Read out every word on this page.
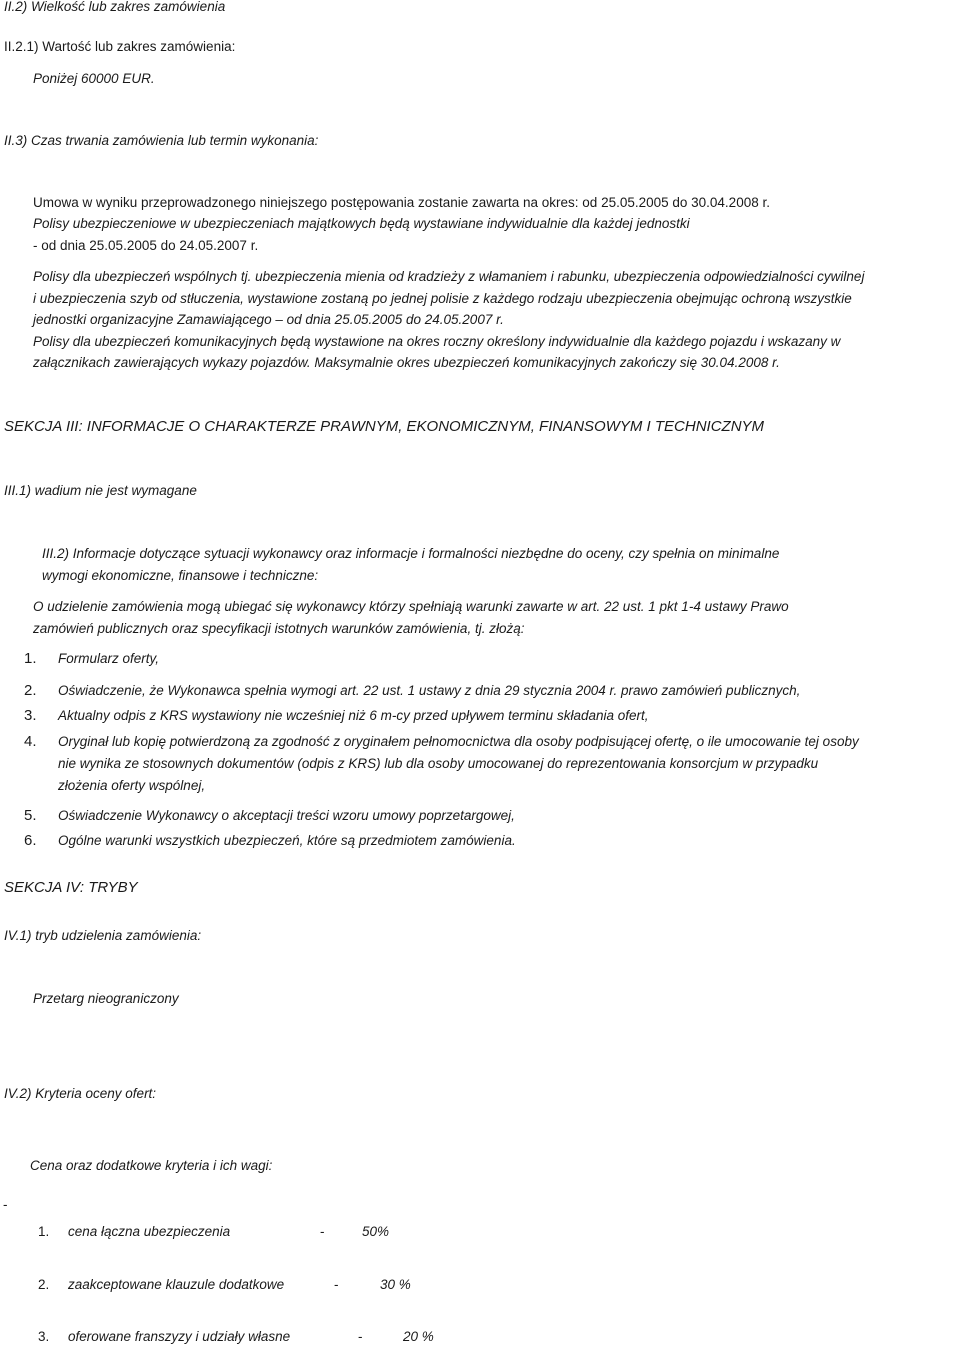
II.2) Wielkość lub zakres zamówienia
II.2.1) Wartość lub zakres zamówienia:
Poniżej 60000 EUR.
II.3) Czas trwania zamówienia lub termin wykonania:
Umowa w wyniku przeprowadzonego niniejszego postępowania zostanie zawarta na okres: od 25.05.2005 do 30.04.2008 r.
Polisy ubezpieczeniowe w ubezpieczeniach majątkowych będą wystawiane indywidualnie dla każdej jednostki
- od dnia 25.05.2005 do 24.05.2007 r.
Polisy dla ubezpieczeń wspólnych tj. ubezpieczenia mienia od kradzieży z włamaniem i rabunku, ubezpieczenia odpowiedzialności cywilnej
i ubezpieczenia szyb od stłuczenia, wystawione zostaną po jednej polisie z każdego rodzaju ubezpieczenia obejmując ochroną wszystkie
jednostki organizacyjne Zamawiającego – od dnia 25.05.2005 do 24.05.2007 r.
Polisy dla ubezpieczeń komunikacyjnych będą wystawione na okres roczny określony indywidualnie dla każdego pojazdu i wskazany w
załącznikach zawierających wykazy pojazdów. Maksymalnie okres ubezpieczeń komunikacyjnych zakończy się 30.04.2008 r.
SEKCJA III: INFORMACJE O CHARAKTERZE PRAWNYM, EKONOMICZNYM, FINANSOWYM I TECHNICZNYM
III.1) wadium nie jest wymagane
III.2) Informacje dotyczące sytuacji wykonawcy oraz informacje i formalności niezbędne do oceny, czy spełnia on minimalne
wymogi ekonomiczne, finansowe i techniczne:
O udzielenie zamówienia mogą ubiegać się wykonawcy którzy spełniają warunki zawarte w art. 22 ust. 1 pkt 1-4 ustawy Prawo
zamówień publicznych oraz specyfikacji istotnych warunków zamówienia, tj. złożą:
1. Formularz oferty,
2. Oświadczenie, że Wykonawca spełnia wymogi art. 22 ust. 1 ustawy z dnia 29 stycznia 2004 r. prawo zamówień publicznych,
3. Aktualny odpis z KRS wystawiony nie wcześniej niż 6 m-cy przed upływem terminu składania ofert,
4. Oryginał lub kopię potwierdzoną za zgodność z oryginałem pełnomocnictwa dla osoby podpisującej ofertę, o ile umocowanie tej osoby
nie wynika ze stosownych dokumentów (odpis z KRS) lub dla osoby umocowanej do reprezentowania konsorcjum w przypadku
złożenia oferty wspólnej,
5. Oświadczenie Wykonawcy o akceptacji treści wzoru umowy poprzetargowej,
6. Ogólne warunki wszystkich ubezpieczeń, które są przedmiotem zamówienia.
SEKCJA IV: TRYBY
IV.1) tryb udzielenia zamówienia:
Przetarg nieograniczony
IV.2) Kryteria oceny ofert:
Cena oraz dodatkowe kryteria i ich wagi:
-
1. cena łączna ubezpieczenia	-	50%
2. zaakceptowane klauzule dodatkowe	-	30 %
3. oferowane franszyzy i udziały własne	-	20 %
